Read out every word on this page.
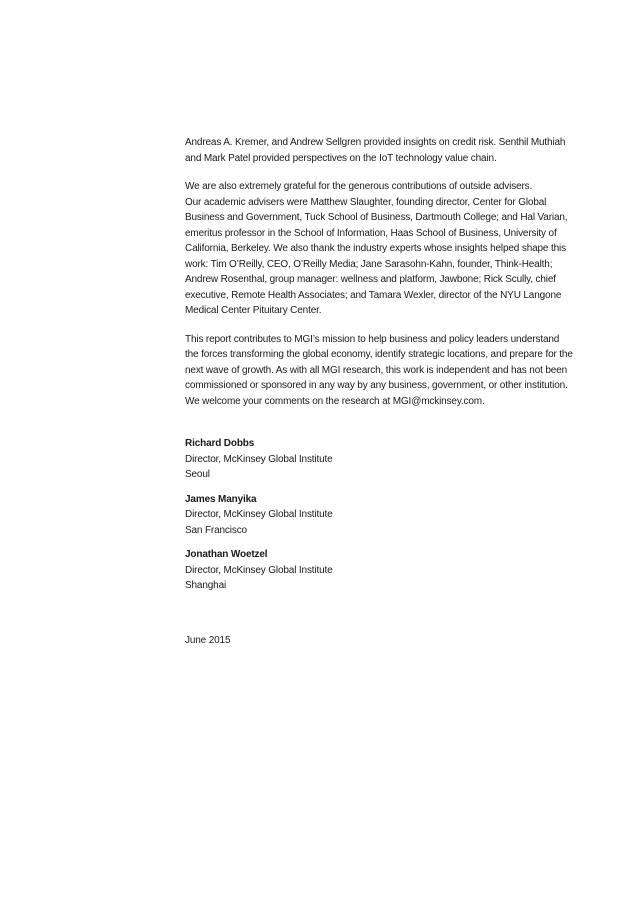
Andreas A. Kremer, and Andrew Sellgren provided insights on credit risk. Senthil Muthiah
and Mark Patel provided perspectives on the IoT technology value chain.

We are also extremely grateful for the generous contributions of outside advisers.
Our academic advisers were Matthew Slaughter, founding director, Center for Global
Business and Government, Tuck School of Business, Dartmouth College; and Hal Varian,
emeritus professor in the School of Information, Haas School of Business, University of
California, Berkeley. We also thank the industry experts whose insights helped shape this
work: Tim O’Reilly, CEO, O’Reilly Media; Jane Sarasohn-Kahn, founder, Think-Health;
Andrew Rosenthal, group manager: wellness and platform, Jawbone; Rick Scully, chief
executive, Remote Health Associates; and Tamara Wexler, director of the NYU Langone
Medical Center Pituitary Center.

This report contributes to MGI’s mission to help business and policy leaders understand
the forces transforming the global economy, identify strategic locations, and prepare for the
next wave of growth. As with all MGI research, this work is independent and has not been
commissioned or sponsored in any way by any business, government, or other institution.
We welcome your comments on the research at MGI@mckinsey.com.

Richard Dobbs
Director, McKinsey Global Institute
Seoul
James Manyika
Director, McKinsey Global Institute
San Francisco
Jonathan Woetzel
Director, McKinsey Global Institute
Shanghai
June 2015
